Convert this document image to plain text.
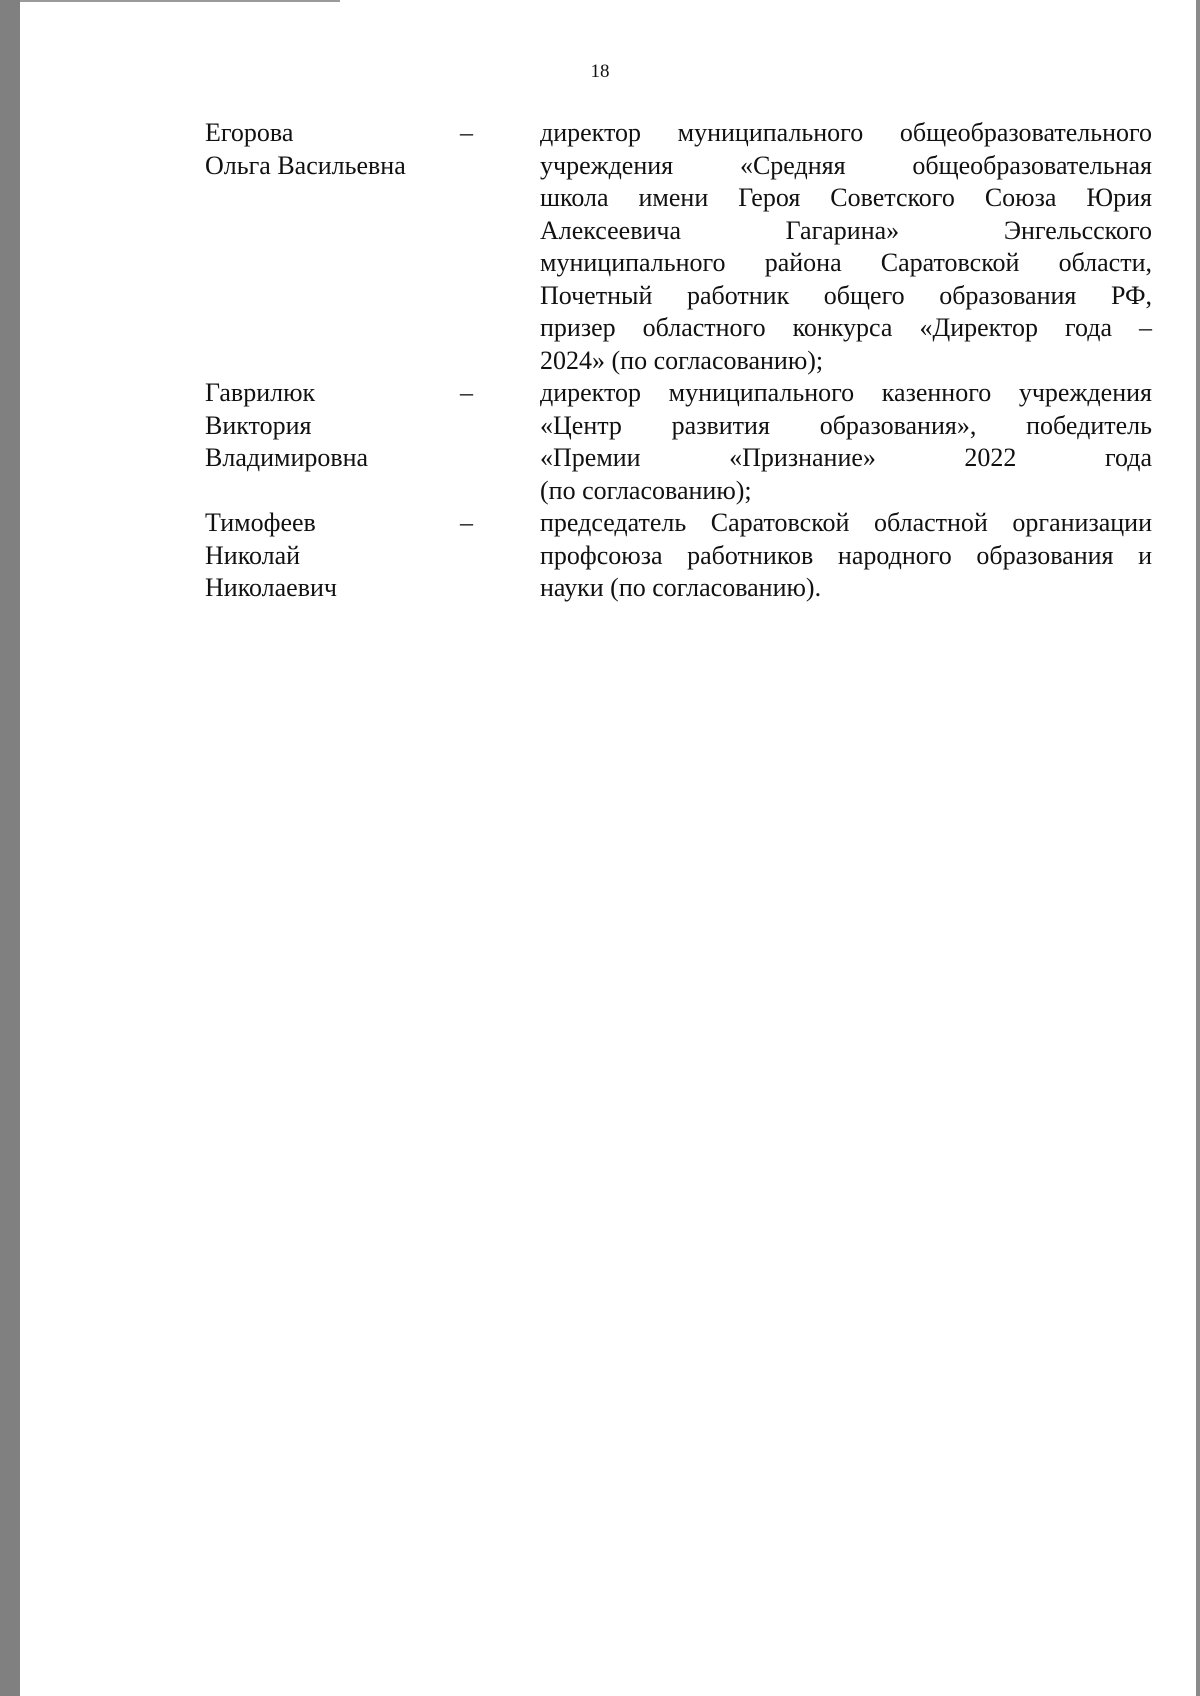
18
Егорова
Ольга Васильевна
–	директор муниципального общеобразовательного
учреждения «Средняя общеобразовательная
школа имени Героя Советского Союза Юрия
Алексеевича Гагарина» Энгельсского
муниципального района Саратовской области,
Почетный работник общего образования РФ,
призер областного конкурса «Директор года –
2024» (по согласованию);
Гаврилюк
Виктория
Владимировна
–	директор муниципального казенного учреждения
«Центр развития образования», победитель
«Премии «Признание» 2022 года
(по согласованию);
Тимофеев
Николай
Николаевич
–	председатель Саратовской областной организации
профсоюза работников народного образования и
науки (по согласованию).
